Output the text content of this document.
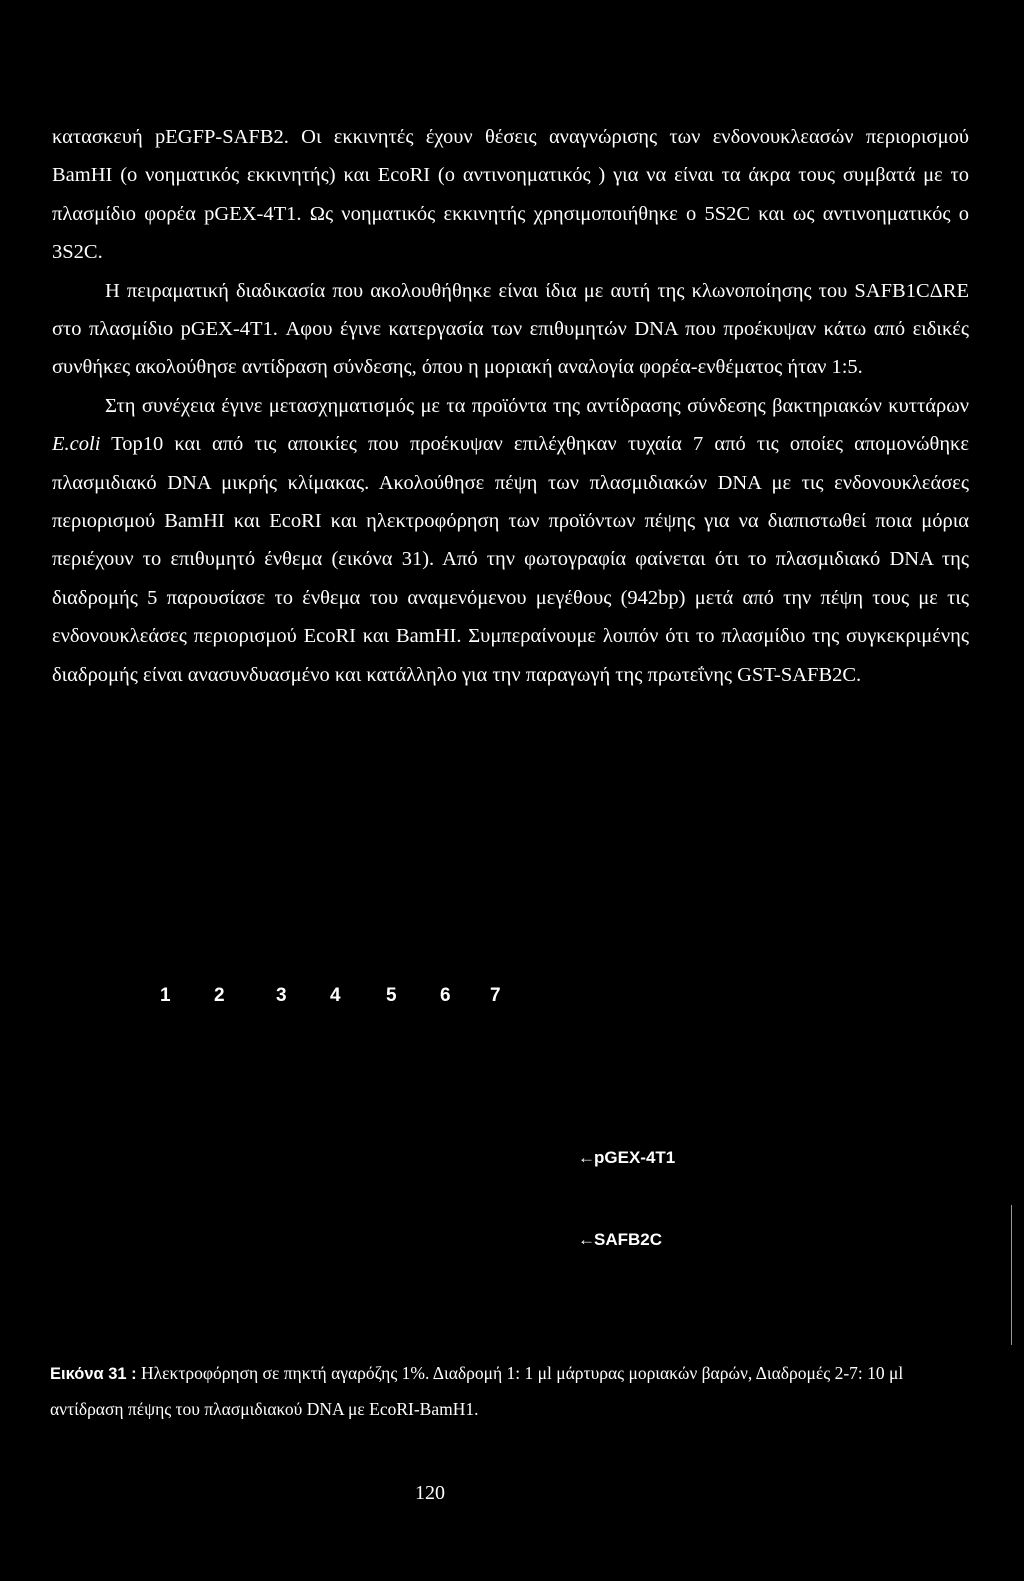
κατασκευή pEGFP-SAFB2. Οι εκκινητές έχουν θέσεις αναγνώρισης των ενδονουκλεασών περιορισμού BamHI (ο νοηματικός εκκινητής) και EcoRI (ο αντινοηματικός ) για να είναι τα άκρα τους συμβατά με το πλασμίδιο φορέα pGEX-4T1. Ως νοηματικός εκκινητής χρησιμοποιήθηκε ο 5S2C και ως αντινοηματικός ο 3S2C.

Η πειραματική διαδικασία που ακολουθήθηκε είναι ίδια με αυτή της κλωνοποίησης του SAFB1CΔRE στο πλασμίδιο pGEX-4T1. Αφου έγινε κατεργασία των επιθυμητών DNA που προέκυψαν κάτω από ειδικές συνθήκες ακολούθησε αντίδραση σύνδεσης, όπου η μοριακή αναλογία φορέα-ενθέματος ήταν 1:5.

Στη συνέχεια έγινε μετασχηματισμός με τα προϊόντα της αντίδρασης σύνδεσης βακτηριακών κυττάρων E.coli Top10 και από τις αποικίες που προέκυψαν επιλέχθηκαν τυχαία 7 από τις οποίες απομονώθηκε πλασμιδιακό DNA μικρής κλίμακας. Ακολούθησε πέψη των πλασμιδιακών DNA με τις ενδονουκλεάσες περιορισμού BamHI και EcoRI και ηλεκτροφόρηση των προϊόντων πέψης για να διαπιστωθεί ποια μόρια περιέχουν το επιθυμητό ένθεμα (εικόνα 31). Από την φωτογραφία φαίνεται ότι το πλασμιδιακό DNA της διαδρομής 5 παρουσίασε το ένθεμα του αναμενόμενου μεγέθους (942bp) μετά από την πέψη τους με τις ενδονουκλεάσες περιορισμού EcoRI και BamHI. Συμπεραίνουμε λοιπόν ότι το πλασμίδιο της συγκεκριμένης διαδρομής είναι ανασυνδυασμένο και κατάλληλο για την παραγωγή της πρωτεΐνης GST-SAFB2C.

1 2	3 4 5 6 7
← pGEX-4T1
← SAFB2C
Εικόνα 31 : Ηλεκτροφόρηση σε πηκτή αγαρόζης 1%. Διαδρομή 1: 1 μl μάρτυρας μοριακών βαρών, Διαδρομές 2-7: 10 μl αντίδραση πέψης του πλασμιδιακού DNA με EcoRI-BamH1.
120
